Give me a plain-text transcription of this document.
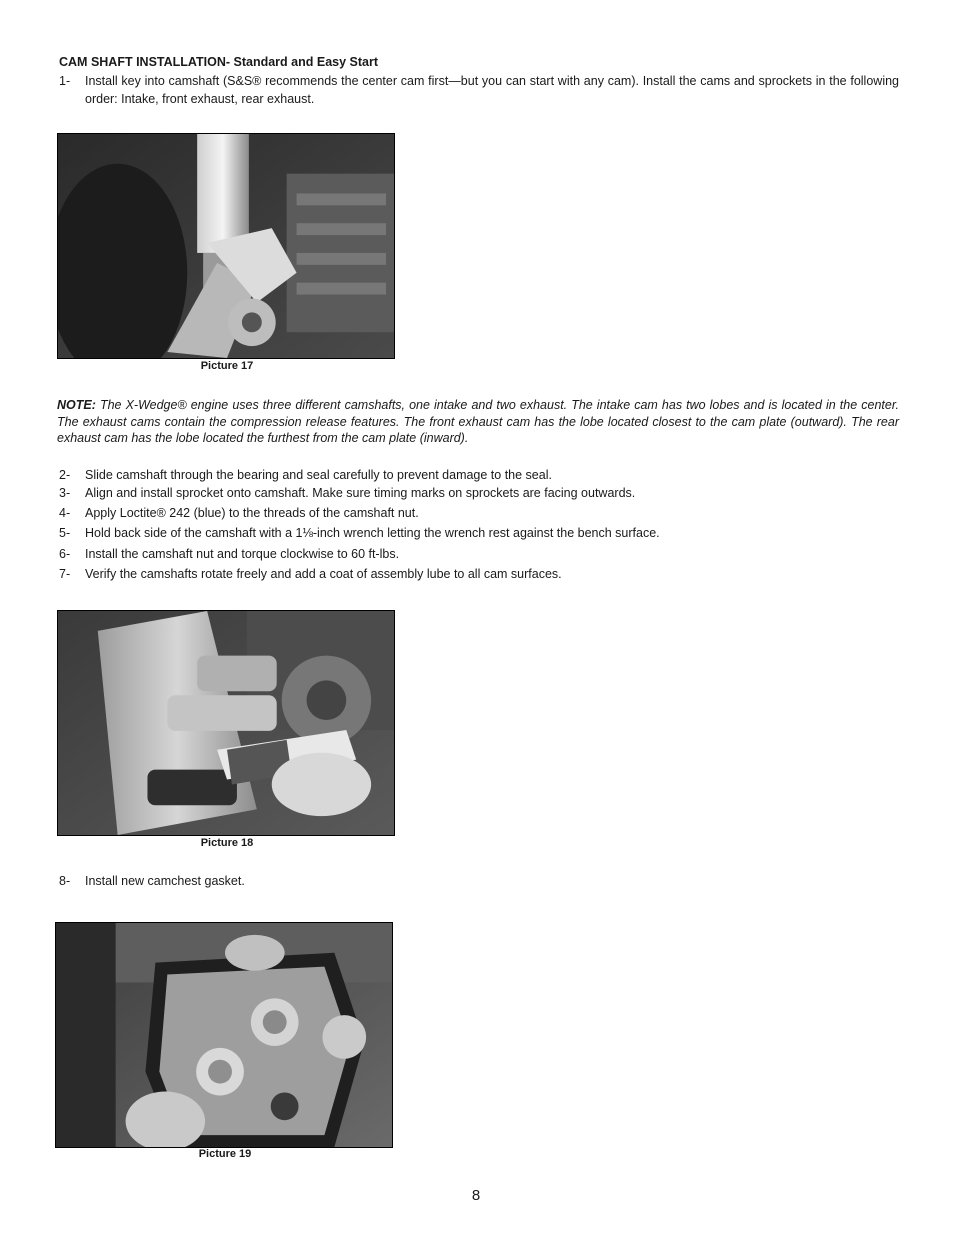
CAM SHAFT INSTALLATION- Standard and Easy Start

1-	Install key into camshaft (S&S® recommends the center cam first—but you can start with any cam). Install the cams and sprockets in the following order: Intake, front exhaust, rear exhaust.
Picture 17
NOTE: The X-Wedge® engine uses three different camshafts, one intake and two exhaust. The intake cam has two lobes and is located in the center. The exhaust cams contain the compression release features. The front exhaust cam has the lobe located closest to the cam plate (outward). The rear exhaust cam has the lobe located the furthest from the cam plate (inward).
2-	Slide camshaft through the bearing and seal carefully to prevent damage to the seal.
3-	Align and install sprocket onto camshaft. Make sure timing marks on sprockets are facing outwards.
4-	Apply Loctite® 242 (blue) to the threads of the camshaft nut.
5-	Hold back side of the camshaft with a 1⅛-inch wrench letting the wrench rest against the bench surface.
6-	Install the camshaft nut and torque clockwise to 60 ft-lbs.
7-	Verify the camshafts rotate freely and add a coat of assembly lube to all cam surfaces.
Picture 18
8-	Install new camchest gasket.
Picture 19
8
